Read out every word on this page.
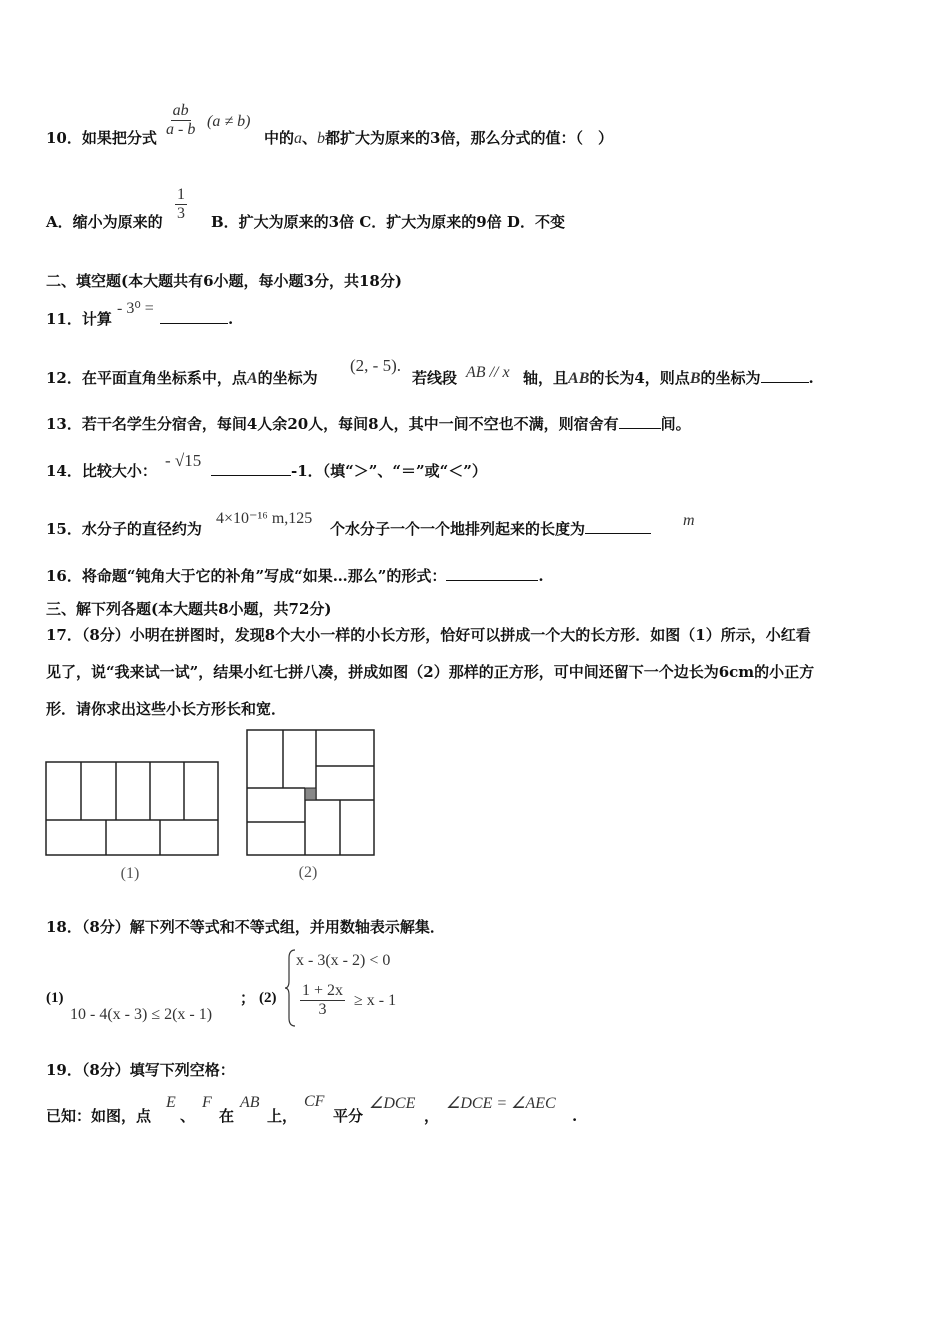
$\frac{ab}{a - b} (a \ne b)$
10．如果把分式	中的a、b都扩大为原来的3倍，那么分式的值：（　）
A．缩小为原来的 $\frac{1}{3}$ B．扩大为原来的3倍 C．扩大为原来的9倍 D．不变
二、填空题(本大题共有6小题，每小题3分，共18分)
11．计算
- 3⁰ =
.
12．在平面直角坐标系中，点A的坐标为
(2, - 5).
若线段 AB // x 轴，且AB的长为4，则点B的坐标为	.
13．若干名学生分宿舍，每间4人余20人，每间8人，其中一间不空也不满，则宿舍有	间。
14．比较大小：
- √15
-1．（填“＞”、“＝”或“＜”）
15．水分子的直径约为
4×10⁻¹⁶ m,125
个水分子一个一个地排列起来的长度为	m
16．将命题“钝角大于它的补角”写成“如果…那么”的形式：	.
三、解下列各题(本大题共8小题，共72分)
17．（8分）小明在拼图时，发现8个大小一样的小长方形，恰好可以拼成一个大的长方形．如图（1）所示，小红看
见了，说“我来试一试”，结果小红七拼八凑，拼成如图（2）那样的正方形，可中间还留下一个边长为6cm的小正方
形．请你求出这些小长方形长和宽．
(1)	(2)
18．（8分）解下列不等式和不等式组，并用数轴表示解集．
(1)
10 - 4(x - 3) ≤ 2(x - 1)
； (2)
x - 3(x - 2) < 0
$\frac{1 + 2x}{3} \ge x - 1$
19．（8分）填写下列空格：
已知：如图，点
E
、
F
在
AB
上，
CF
平分
∠DCE
，
∠DCE = ∠AEC
.
